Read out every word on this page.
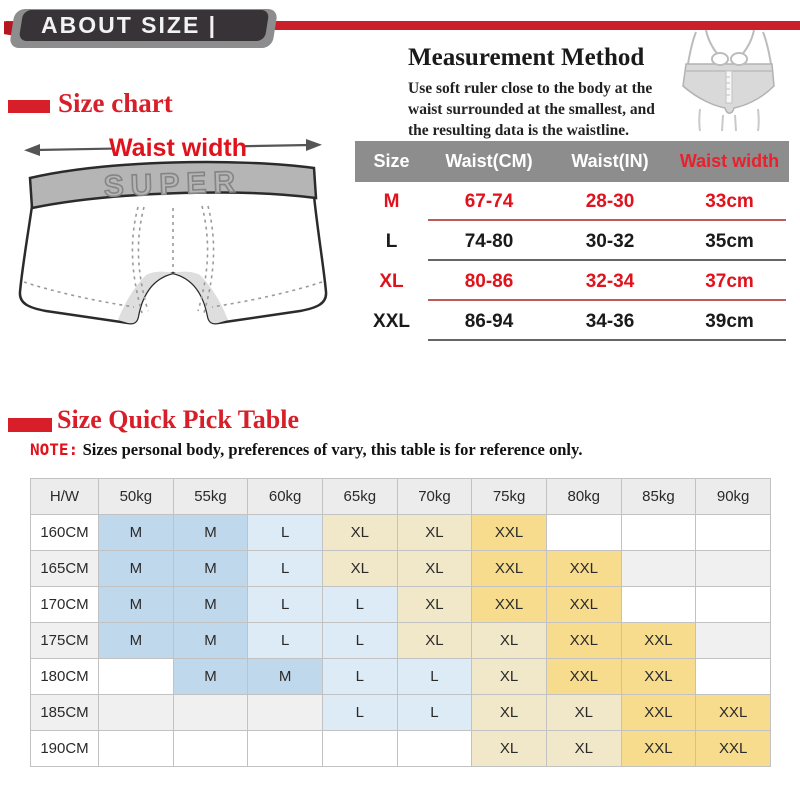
ABOUT SIZE |
Measurement Method
Use soft ruler close to the body at the
waist surrounded at the smallest, and
the resulting data is the waistline.
Size chart
Waist width
SUPER
Size	Waist(CM)	Waist(IN)	Waist width
M	67-74	28-30	33cm
L	74-80	30-32	35cm
XL	80-86	32-34	37cm
XXL	86-94	34-36	39cm
Size Quick Pick Table
NOTE: Sizes personal body, preferences of vary, this table is for reference only.
H/W	50kg	55kg	60kg	65kg	70kg	75kg	80kg	85kg	90kg
160CM	M	M	L	XL	XL	XXL			
165CM	M	M	L	XL	XL	XXL	XXL		
170CM	M	M	L	L	XL	XXL	XXL		
175CM	M	M	L	L	XL	XL	XXL	XXL	
180CM		M	M	L	L	XL	XXL	XXL	
185CM				L	L	XL	XL	XXL	XXL
190CM						XL	XL	XXL	XXL
